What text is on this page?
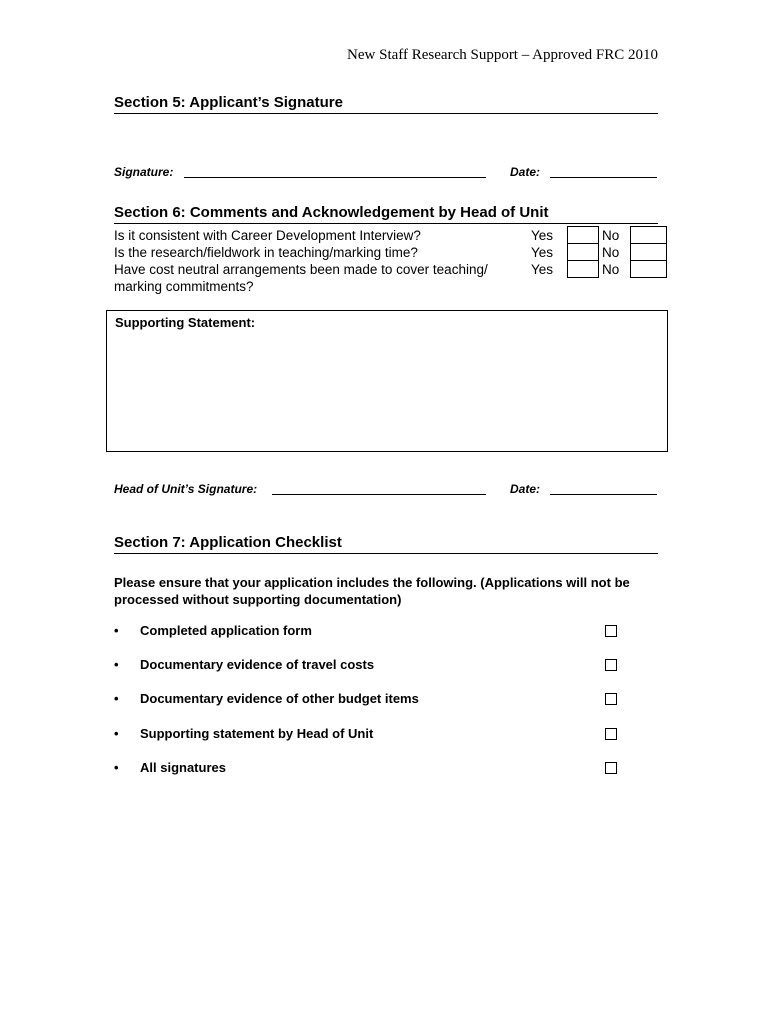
New Staff Research Support – Approved FRC 2010
Section 5: Applicant’s Signature
Signature:	Date:
Section 6: Comments and Acknowledgement by Head of Unit
Is it consistent with Career Development Interview?	Yes	No
Is the research/fieldwork in teaching/marking time?	Yes	No
Have cost neutral arrangements been made to cover teaching/	Yes	No
marking commitments?
Supporting Statement:
Head of Unit’s Signature:	Date:
Section 7: Application Checklist
Please ensure that your application includes the following. (Applications will not be processed without supporting documentation)
• Completed application form
• Documentary evidence of travel costs
• Documentary evidence of other budget items
• Supporting statement by Head of Unit
• All signatures
